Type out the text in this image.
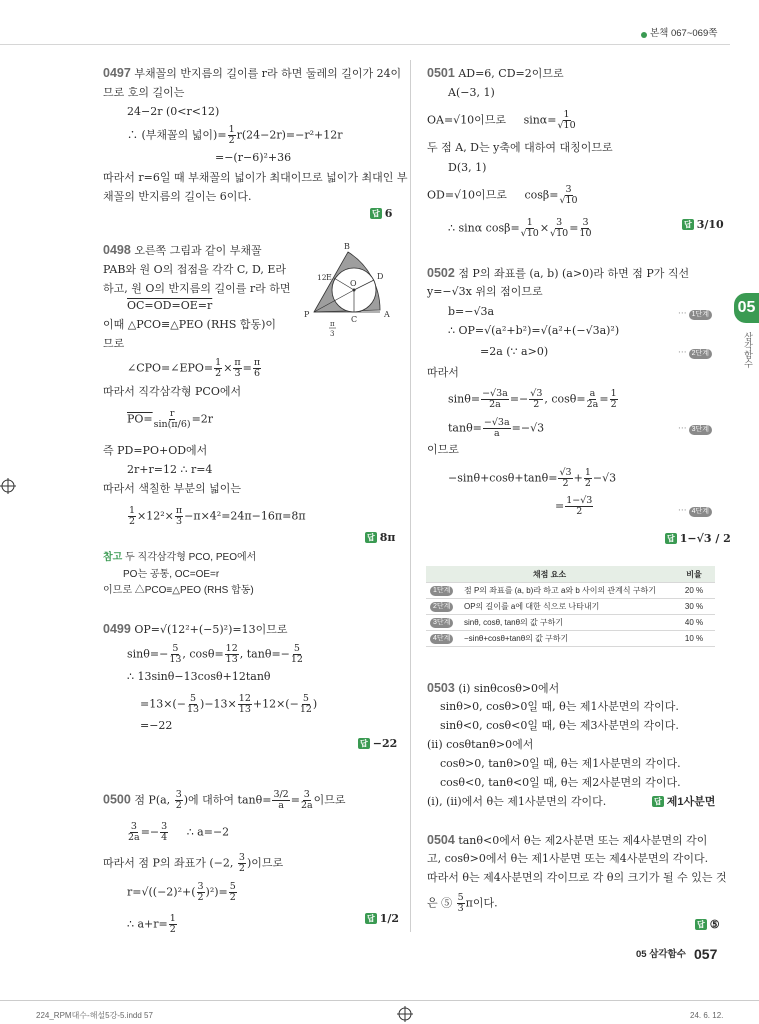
본책 067~069쪽
05
삼각함수
0497 부채꼴의 반지름의 길이를 r라 하면 둘레의 길이가 24이
므로 호의 길이는
24−2r (0<r<12)
∴ (부채꼴의 넓이)= $\frac{1}{2} r(24-2r)=-r^2+12r$
=−(r−6)²+36
따라서 r=6일 때 부채꼴의 넓이가 최대이므로 넓이가 최대인 부
채꼴의 반지름의 길이는 6이다.
답 6
0498 오른쪽 그림과 같이 부채꼴
PAB와 원 O의 접점을 각각 C, D, E라
하고, 원 O의 반지름의 길이를 r라 하면
OC=OD=OE=r
이때 △PCO≡△PEO (RHS 합동)이
므로
∠CPO=∠EPO= $\frac{1}{2} \times \frac{\pi}{3} = \frac{\pi}{6}$
따라서 직각삼각형 PCO에서
$PO= \frac{r}{\sin(\pi/6)} =2r$
즉 PD=PO+OD에서
2r+r=12 ∴ r=4
따라서 색칠한 부분의 넓이는
$\frac{1}{2} \times 12^2\times \frac{\pi}{3} -\pi\times 4^2=24\pi-16\pi=8\pi$
답 8π
B
D
E
O
P	A
C
12
π
3
참고 두 직각삼각형 PCO, PEO에서
PO는 공통, OC=OE=r
이므로 △PCO≡△PEO (RHS 합동)
0499 OP=√(12²+(−5)²)=13이므로
$\sin\theta=- \frac{5}{13}$ , $\cos\theta= \frac{12}{13}$ , $\tan\theta=- \frac{5}{12}$
∴ 13sinθ−13cosθ+12tanθ
$=13\times(- \frac{5}{13} )-13\times \frac{12}{13} +12\times(- \frac{5}{12}$ )
=−22
답 −22
0500 점 P(a, $\frac{3}{2}$ )에 대하여 $\tan\theta= \frac{3/2}{a} = \frac{3}{2a}$ 이므로
$\frac{3}{2a} =- \frac{3}{4}$ ∴ a=−2
따라서 점 P의 좌표가 (−2, $\frac{3}{2}$ )이므로
$r=√((-2)^2+( \frac{3}{2} )^2)= \frac{5}{2}$
∴ $a+r= \frac{1}{2}$	답 1/2
0501 AD=6, CD=2이므로
A(−3, 1)
OA=√10이므로 $\sin\alpha= \frac{1}{√10}$
두 점 A, D는 y축에 대하여 대칭이므로
D(3, 1)
OD=√10이므로 $\cos\beta= \frac{3}{√10}$
∴ sinα $\cos\beta= \frac{1}{√10} \times \frac{3}{√10} = \frac{3}{10}$	답 3/10
0502 점 P의 좌표를 (a, b) (a>0)라 하면 점 P가 직선
y=−√3x 위의 점이므로
b=−√3a	··· 1단계
∴ OP=√(a²+b²)=√(a²+(−√3a)²)
=2a (∵ a>0)	··· 2단계
따라서
$\sin\theta= \frac{-√3a}{2a} =- \frac{√3}{2}$ , $\cos\theta= \frac{a}{2a} = \frac{1}{2}$
$\tan\theta= \frac{-√3a}{a} =-√3$	··· 3단계
이므로
$-\sin\theta+\cos\theta+\tan\theta= \frac{√3}{2} + \frac{1}{2} -√3$
= $\frac{1-√3}{2}$	··· 4단계
답 1−√3 / 2
채점 요소		비율
1단계	점 P의 좌표를 (a, b)라 하고 a와 b 사이의 관계식 구하기	20 %
2단계	OP의 길이를 a에 대한 식으로 나타내기	30 %
3단계	sinθ, cosθ, tanθ의 값 구하기	40 %
4단계	−sinθ+cosθ+tanθ의 값 구하기	10 %
0503 (i) sinθcosθ>0에서
sinθ>0, cosθ>0일 때, θ는 제1사분면의 각이다.
sinθ<0, cosθ<0일 때, θ는 제3사분면의 각이다.
(ii) cosθtanθ>0에서
cosθ>0, tanθ>0일 때, θ는 제1사분면의 각이다.
cosθ<0, tanθ<0일 때, θ는 제2사분면의 각이다.
(i), (ii)에서 θ는 제1사분면의 각이다.	답 제1사분면
0504 tanθ<0에서 θ는 제2사분면 또는 제4사분면의 각이
고, cosθ>0에서 θ는 제1사분면 또는 제4사분면의 각이다.
따라서 θ는 제4사분면의 각이므로 각 θ의 크기가 될 수 있는 것
은 ⑤ $\frac{5}{3}$ π이다.
답 ⑤
05 삼각함수 057
224_RPM대수-해설5강-5.indd 57	24. 6. 12.
